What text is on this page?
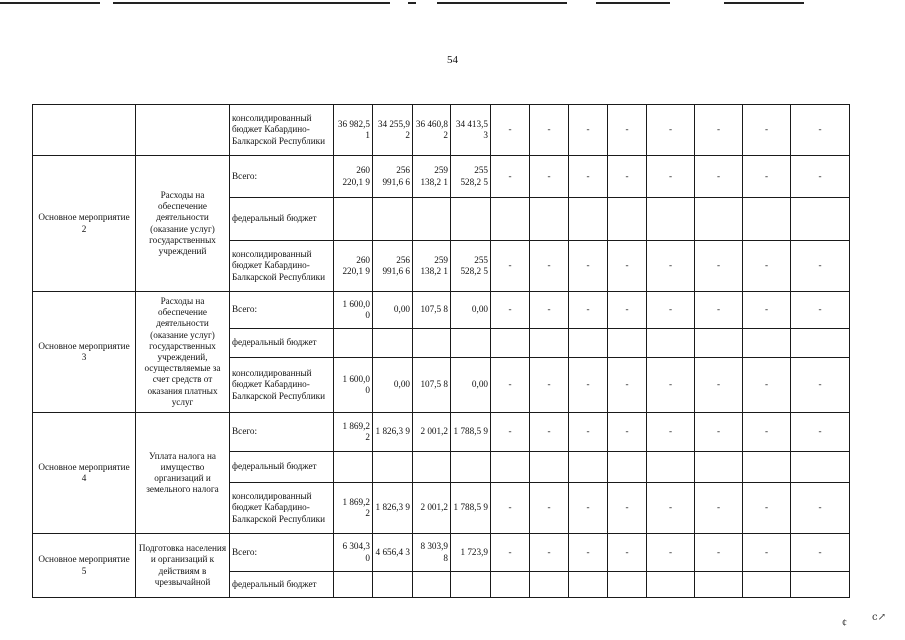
54
		консолидированный бюджет Кабардино-Балкарской Республики	36 982,5 1	34 255,9 2	36 460,8 2	34 413,5 3	-	-	-	-	-	-	-	-
Основное мероприятие 2	Расходы на обеспечение деятельности (оказание услуг) государственных учреждений	Всего:	260 220,1 9	256 991,6 6	259 138,2 1	255 528,2 5	-	-	-	-	-	-	-	-
		федеральный бюджет												
		консолидированный бюджет Кабардино-Балкарской Республики	260 220,1 9	256 991,6 6	259 138,2 1	255 528,2 5	-	-	-	-	-	-	-	-
Основное мероприятие 3	Расходы на обеспечение деятельности (оказание услуг) государственных учреждений, осуществляемые за счет средств от оказания платных услуг	Всего:	1 600,0 0	0,00	107,5 8	0,00	-	-	-	-	-	-	-	-
		федеральный бюджет												
		консолидированный бюджет Кабардино-Балкарской Республики	1 600,0 0	0,00	107,5 8	0,00	-	-	-	-	-	-	-	-
Основное мероприятие 4	Уплата налога на имущество организаций и земельного налога	Всего:	1 869,2 2	1 826,3 9	2 001,2	1 788,5 9	-	-	-	-	-	-	-	-
		федеральный бюджет												
		консолидированный бюджет Кабардино-Балкарской Республики	1 869,2 2	1 826,3 9	2 001,2	1 788,5 9	-	-	-	-	-	-	-	-
Основное мероприятие 5	Подготовка населения и организаций к действиям в чрезвычайной	Всего:	6 304,3 0	4 656,4 3	8 303,9 8	1 723,9	-	-	-	-	-	-	-	-
		федеральный бюджет												
¢
ⅽ↗
